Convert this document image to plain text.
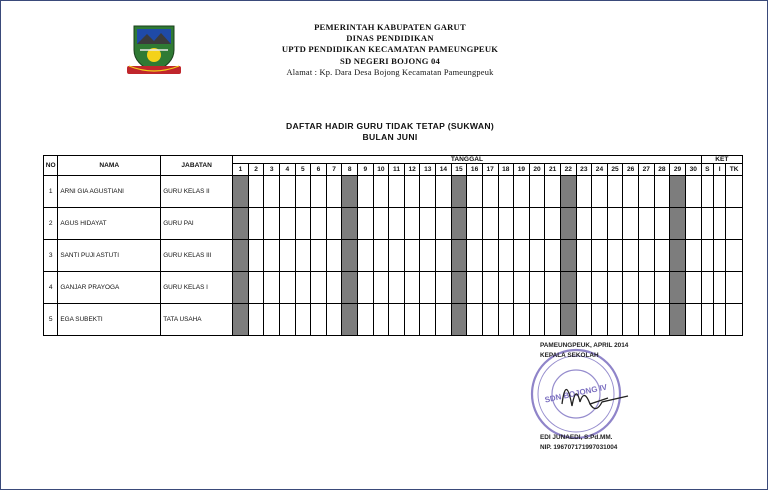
PEMERINTAH KABUPATEN GARUT
DINAS PENDIDIKAN
UPTD PENDIDIKAN KECAMATAN PAMEUNGPEUK
SD NEGERI BOJONG 04
Alamat : Kp. Dara Desa Bojong Kecamatan Pameungpeuk
DAFTAR HADIR GURU TIDAK TETAP (SUKWAN)
BULAN JUNI
NO	NAMA	JABATAN	TANGGAL																														KET		
			1	2	3	4	5	6	7	8	9	10	11	12	13	14	15	16	17	18	19	20	21	22	23	24	25	26	27	28	29	30	S	I	TK
1	ARNI GIA AGUSTIANI	GURU KELAS II																																	
2	AGUS HIDAYAT	GURU PAI																																	
3	SANTI PUJI ASTUTI	GURU KELAS III																																	
4	GANJAR PRAYOGA	GURU KELAS I																																	
5	EGA SUBEKTI	TATA USAHA																																	
SDN BOJONG IV
PAMEUNGPEUK, APRIL 2014
KEPALA SEKOLAH
EDI JUNAEDI, S.Pd.MM.
NIP. 196707171997031004
